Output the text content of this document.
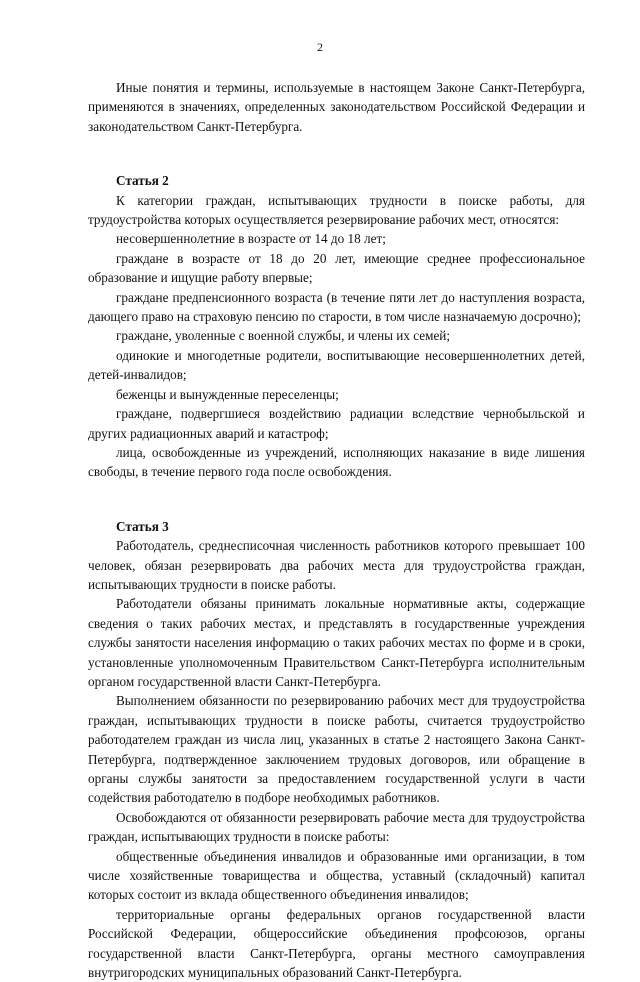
2

Иные понятия и термины, используемые в настоящем Законе Санкт-Петербурга, применяются в значениях, определенных законодательством Российской Федерации и законодательством Санкт-Петербурга.

Статья 2

К категории граждан, испытывающих трудности в поиске работы, для трудоустройства которых осуществляется резервирование рабочих мест, относятся:

несовершеннолетние в возрасте от 14 до 18 лет;

граждане в возрасте от 18 до 20 лет, имеющие среднее профессиональное образование и ищущие работу впервые;

граждане предпенсионного возраста (в течение пяти лет до наступления возраста, дающего право на страховую пенсию по старости, в том числе назначаемую досрочно);

граждане, уволенные с военной службы, и члены их семей;

одинокие и многодетные родители, воспитывающие несовершеннолетних детей, детей-инвалидов;

беженцы и вынужденные переселенцы;

граждане, подвергшиеся воздействию радиации вследствие чернобыльской и других радиационных аварий и катастроф;

лица, освобожденные из учреждений, исполняющих наказание в виде лишения свободы, в течение первого года после освобождения.

Статья 3

Работодатель, среднесписочная численность работников которого превышает 100 человек, обязан резервировать два рабочих места для трудоустройства граждан, испытывающих трудности в поиске работы.

Работодатели обязаны принимать локальные нормативные акты, содержащие сведения о таких рабочих местах, и представлять в государственные учреждения службы занятости населения информацию о таких рабочих местах по форме и в сроки, установленные уполномоченным Правительством Санкт-Петербурга исполнительным органом государственной власти Санкт-Петербурга.

Выполнением обязанности по резервированию рабочих мест для трудоустройства граждан, испытывающих трудности в поиске работы, считается трудоустройство работодателем граждан из числа лиц, указанных в статье 2 настоящего Закона Санкт-Петербурга, подтвержденное заключением трудовых договоров, или обращение в органы службы занятости за предоставлением государственной услуги в части содействия работодателю в подборе необходимых работников.

Освобождаются от обязанности резервировать рабочие места для трудоустройства граждан, испытывающих трудности в поиске работы:

общественные объединения инвалидов и образованные ими организации, в том числе хозяйственные товарищества и общества, уставный (складочный) капитал которых состоит из вклада общественного объединения инвалидов;

территориальные органы федеральных органов государственной власти Российской Федерации, общероссийские объединения профсоюзов, органы государственной власти Санкт-Петербурга, органы местного самоуправления внутригородских муниципальных образований Санкт-Петербурга.
